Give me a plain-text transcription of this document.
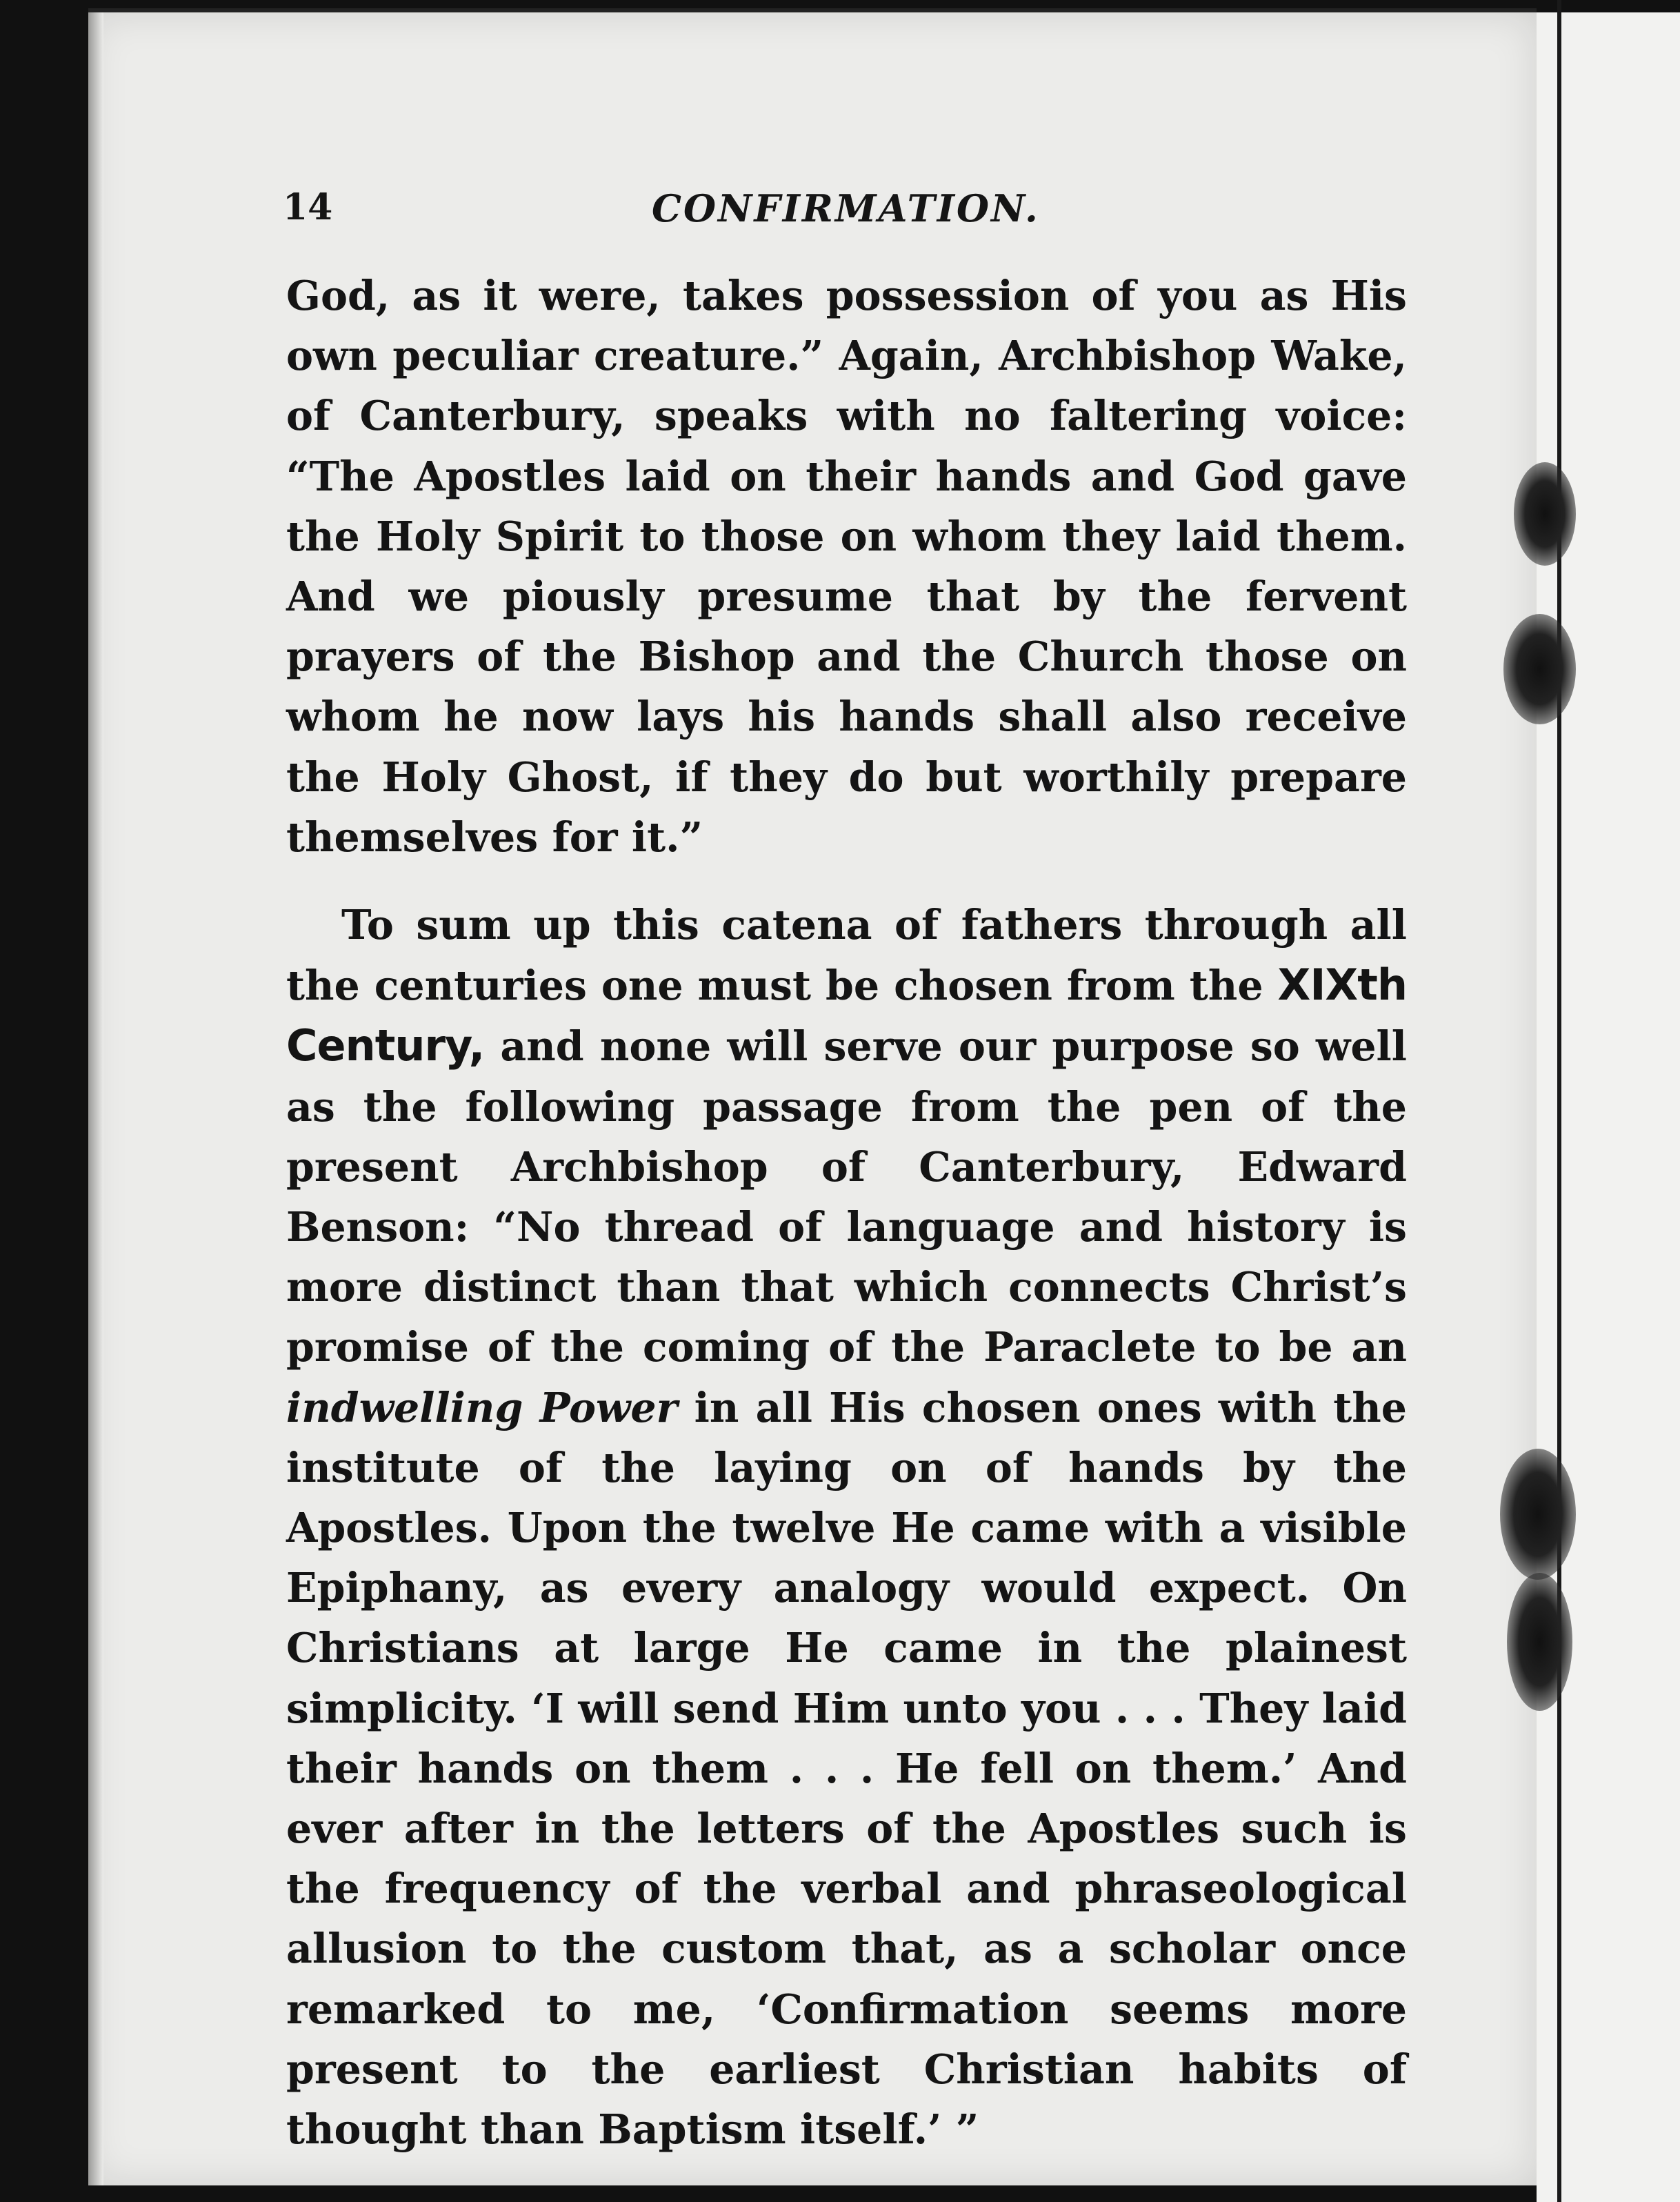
14	CONFIRMATION.

God, as it were, takes possession of you as His own peculiar creature.” Again, Archbishop Wake, of Canterbury, speaks with no faltering voice: “The Apostles laid on their hands and God gave the Holy Spirit to those on whom they laid them. And we piously presume that by the fervent prayers of the Bishop and the Church those on whom he now lays his hands shall also receive the Holy Ghost, if they do but worthily prepare themselves for it.”

To sum up this catena of fathers through all the centuries one must be chosen from the XIXth Century, and none will serve our purpose so well as the following passage from the pen of the present Archbishop of Canterbury, Edward Benson: “No thread of language and history is more distinct than that which connects Christ’s promise of the coming of the Paraclete to be an indwelling Power in all His chosen ones with the institute of the laying on of hands by the Apostles. Upon the twelve He came with a visible Epiphany, as every analogy would expect. On Christians at large He came in the plainest simplicity. ‘I will send Him unto you . . . They laid their hands on them . . . He fell on them.’ And ever after in the letters of the Apostles such is the frequency of the verbal and phraseological allusion to the custom that, as a scholar once remarked to me, ‘Confirmation seems more present to the earliest Christian habits of thought than Baptism itself.’ ”
